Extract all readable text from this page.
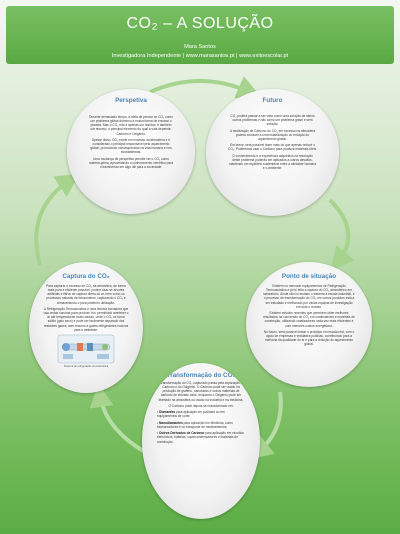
CO₂ – A SOLUÇÃO
Mara Santos
Investigadora Independente | www.marasantos.pt | www.exitoescolar.pt
Perspetiva

Durante demasiado tempo, a ideia de pensar no CO₂ como um problema global dominou a nossa forma de encarar o planeta. Mas o CO₂ não é apenas um resíduo: é também um recurso, o principal elemento do qual a vida depende. Carbono e Oxigénio.

Apesar disso, CO₂ existe em excesso na atmosfera e é considerado o principal responsável pelo aquecimento global, provocando consequências na vida humana e nos ecossistemas.

Uma mudança de perspetiva permite ver o CO₂ como matéria-prima, aproveitando o conhecimento científico para o transformar em algo útil para a sociedade.

Futuro

CO₂ poderá passar a ser visto como uma solução de vários outros problemas e não como um problema grave e sem solução.

A reutilização de Carbono do CO₂ em excesso na atmosfera poderá conduzir a uma estabilização ou redução do aquecimento global.

Em breve, será possível fazer mais do que apenas reduzir o CO₂. Poderemos usar o Carbono para produzir materiais úteis.

O conhecimento e a experiência adquiridos na resolução deste problema poderão ser aplicados a outros desafios, mantendo um equilíbrio sustentável entre a atividade humana e o ambiente.

Captura do CO₂

Para capturar o excesso de CO₂ da atmosfera, de forma mais pura e eficiente possível, podem usar-se árvores artificiais e filtros de captura direta do ar, bem como os processos naturais da fotossíntese, capturando o CO₂ e armazenando-o para posterior utilização.

A Refrigeração Termoacústica é uma técnica inovadora que usa ondas sonoras para produzir frio, permitindo arrefecer o ar até temperaturas muito baixas, onde o CO₂ se torna sólido (gelo seco) e pode ser facilmente separado dos restantes gases, sem recurso a gases refrigerantes nocivos para o ambiente.

Sistema de refrigeração termoacústica
Ponto de situação

Existem no mercado equipamentos de Refrigeração Termoacústica e já foi feita a captura do CO₂ atmosférico em laboratório. Ainda não foi testado o sistema à escala industrial, e o processo de transformação do CO₂ em outros produtos está a ser estudado e melhorado por várias equipas de investigação em todo o mundo.

Existem estudos recentes que permitem obter melhores resultados na conversão do CO₂ em combustíveis e materiais de construção, utilizando catalisadores cada vez mais eficientes e com menores custos energéticos.

No futuro, será possível testar o protótipo em escala real, com o apoio de empresas e entidades públicas, contribuindo para a melhoria da qualidade do ar e para a redução do aquecimento global.

Transformação do CO₂

A transformação do CO₂ capturado passa pela separação do Carbono e do Oxigénio. O Carbono pode ser usado na produção de grafeno, nanotubos e outros materiais de carbono de elevado valor, enquanto o Oxigénio pode ser libertado na atmosfera ou usado na indústria e na medicina.

O Carbono pode depois ser transformado em:

• Diamantes para aplicação em joalharia ou em equipamentos de corte.

• Nanodiamantes para aplicação em Medicina, como biomarcadores e no transporte de medicamentos.

• Outros Derivados de Carbono para aplicação em circuitos eletrónicos, baterias, supercondensadores e materiais de construção.
